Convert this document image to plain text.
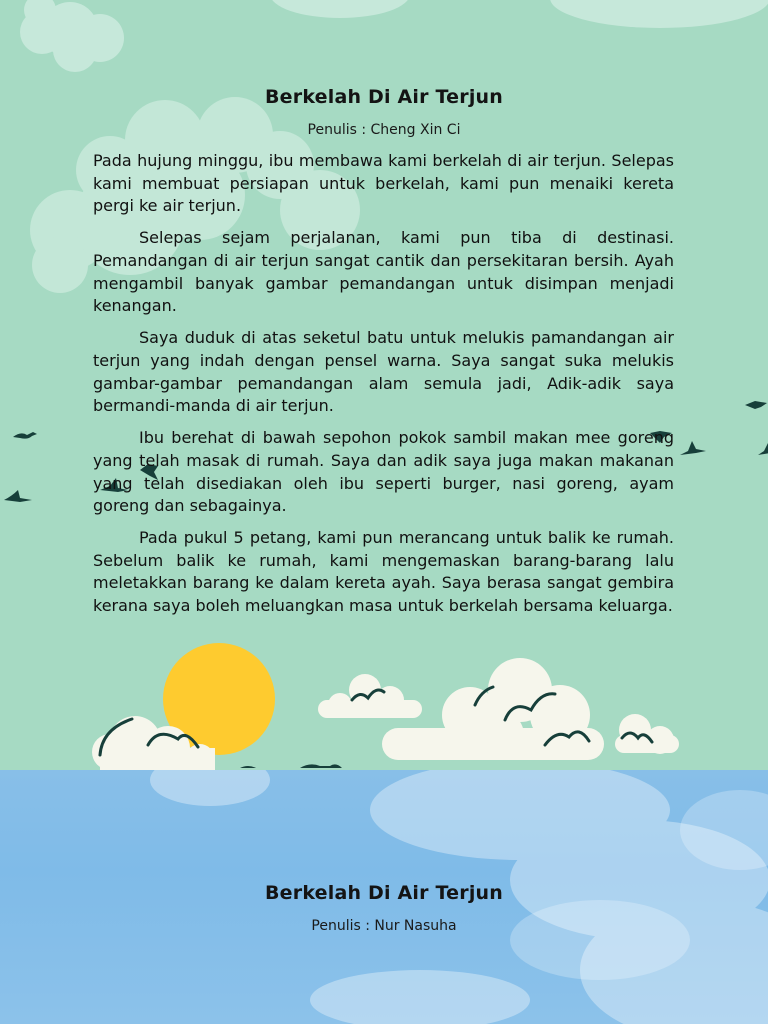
Berkelah Di Air Terjun
Penulis : Cheng Xin Ci

Pada hujung minggu, ibu membawa kami berkelah di air terjun. Selepas kami membuat persiapan untuk berkelah, kami pun menaiki kereta pergi ke air terjun.

Selepas sejam perjalanan, kami pun tiba di destinasi. Pemandangan di air terjun sangat cantik dan persekitaran bersih. Ayah mengambil banyak gambar pemandangan untuk disimpan menjadi kenangan.

Saya duduk di atas seketul batu untuk melukis pamandangan air terjun yang indah dengan pensel warna. Saya sangat suka melukis gambar-gambar pemandangan alam semula jadi, Adik-adik saya bermandi-manda di air terjun.

Ibu berehat di bawah sepohon pokok sambil makan mee goreng yang telah masak di rumah. Saya dan adik saya juga makan makanan yang telah disediakan oleh ibu seperti burger, nasi goreng, ayam goreng dan sebagainya.

Pada pukul 5 petang, kami pun merancang untuk balik ke rumah. Sebelum balik ke rumah, kami mengemaskan barang-barang lalu meletakkan barang ke dalam kereta ayah. Saya berasa sangat gembira kerana saya boleh meluangkan masa untuk berkelah bersama keluarga.

Berkelah Di Air Terjun
Penulis : Nur Nasuha
